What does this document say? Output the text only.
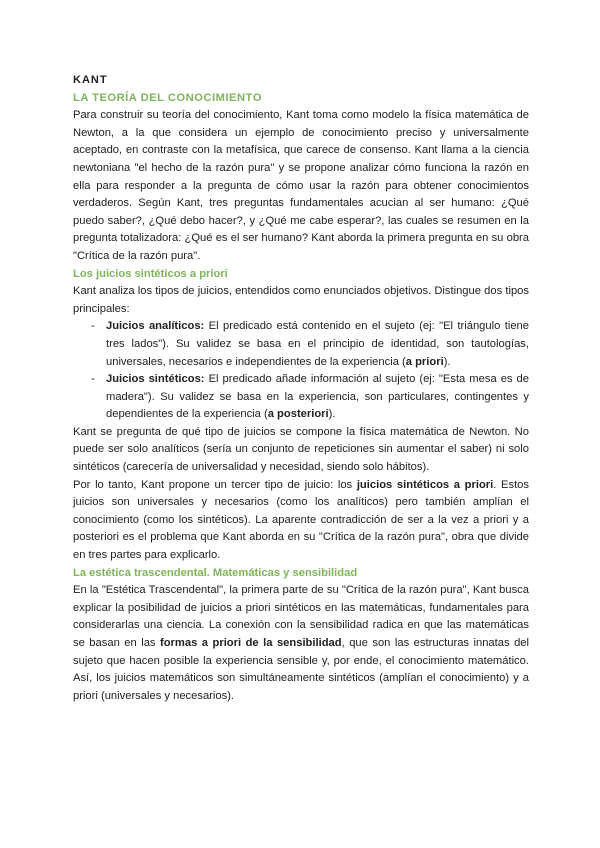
KANT

LA TEORÍA DEL CONOCIMIENTO

Para construir su teoría del conocimiento, Kant toma como modelo la física matemática de Newton, a la que considera un ejemplo de conocimiento preciso y universalmente aceptado, en contraste con la metafísica, que carece de consenso. Kant llama a la ciencia newtoniana "el hecho de la razón pura" y se propone analizar cómo funciona la razón en ella para responder a la pregunta de cómo usar la razón para obtener conocimientos verdaderos. Según Kant, tres preguntas fundamentales acucian al ser humano: ¿Qué puedo saber?, ¿Qué debo hacer?, y ¿Qué me cabe esperar?, las cuales se resumen en la pregunta totalizadora: ¿Qué es el ser humano? Kant aborda la primera pregunta en su obra "Crítica de la razón pura".

Los juicios sintéticos a priori

Kant analiza los tipos de juicios, entendidos como enunciados objetivos. Distingue dos tipos principales:

- Juicios analíticos: El predicado está contenido en el sujeto (ej: "El triángulo tiene tres lados"). Su validez se basa en el principio de identidad, son tautologías, universales, necesarios e independientes de la experiencia (a priori).
- Juicios sintéticos: El predicado añade información al sujeto (ej: "Esta mesa es de madera"). Su validez se basa en la experiencia, son particulares, contingentes y dependientes de la experiencia (a posteriori).

Kant se pregunta de qué tipo de juicios se compone la física matemática de Newton. No puede ser solo analíticos (sería un conjunto de repeticiones sin aumentar el saber) ni solo sintéticos (carecería de universalidad y necesidad, siendo solo hábitos).

Por lo tanto, Kant propone un tercer tipo de juicio: los juicios sintéticos a priori. Estos juicios son universales y necesarios (como los analíticos) pero también amplían el conocimiento (como los sintéticos). La aparente contradicción de ser a la vez a priori y a posteriori es el problema que Kant aborda en su "Crítica de la razón pura", obra que divide en tres partes para explicarlo.

La estética trascendental. Matemáticas y sensibilidad

En la "Estética Trascendental", la primera parte de su "Crítica de la razón pura", Kant busca explicar la posibilidad de juicios a priori sintéticos en las matemáticas, fundamentales para considerarlas una ciencia. La conexión con la sensibilidad radica en que las matemáticas se basan en las formas a priori de la sensibilidad, que son las estructuras innatas del sujeto que hacen posible la experiencia sensible y, por ende, el conocimiento matemático. Así, los juicios matemáticos son simultáneamente sintéticos (amplían el conocimiento) y a priori (universales y necesarios).
